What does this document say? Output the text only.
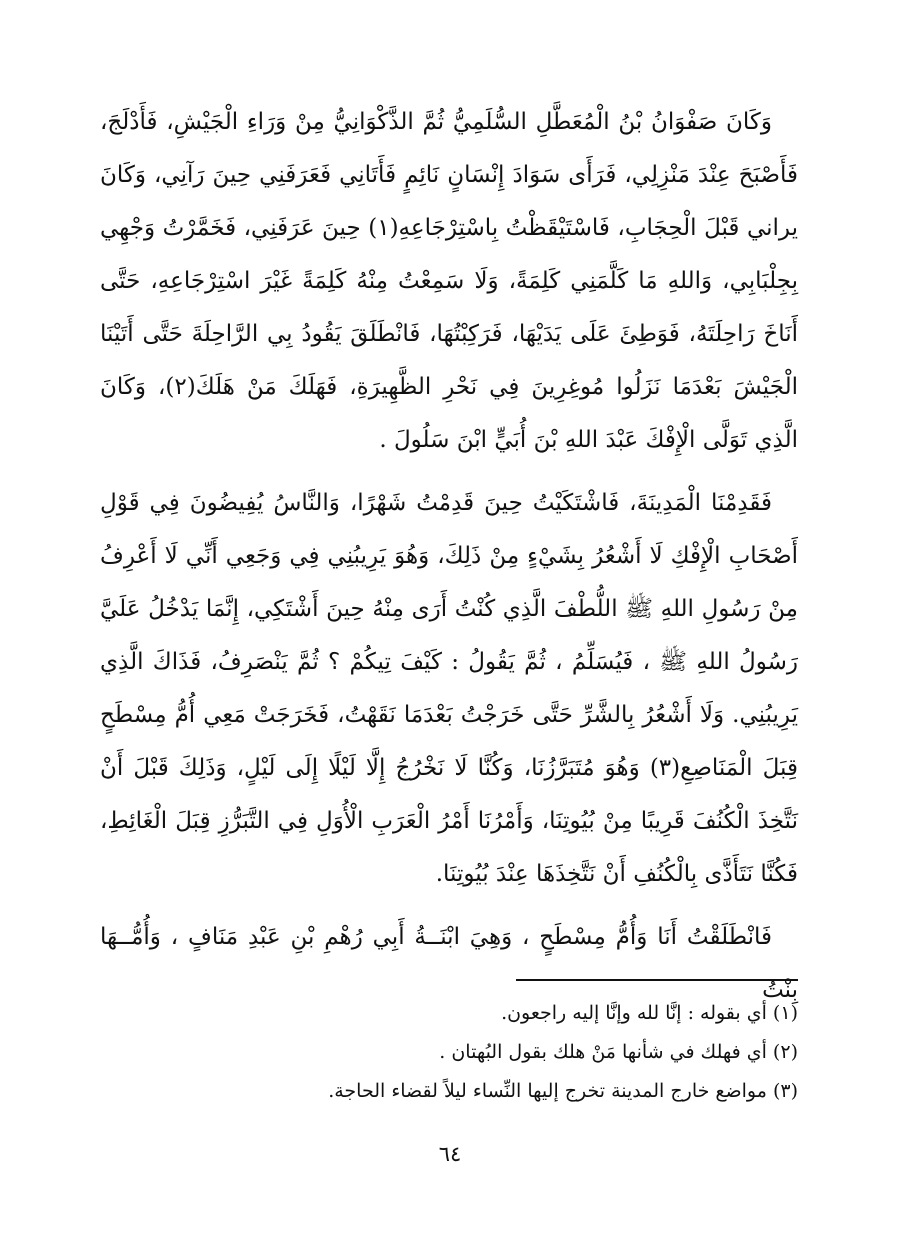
وَكَانَ صَفْوَانُ بْنُ الْمُعَطَّلِ السُّلَمِيُّ ثُمَّ الذَّكْوَانِيُّ مِنْ وَرَاءِ الْجَيْشِ، فَأَدْلَجَ، فَأَصْبَحَ عِنْدَ مَنْزِلِي، فَرَأَى سَوَادَ إِنْسَانٍ نَائِمٍ فَأَتَانِي فَعَرَفَنِي حِينَ رَآنِي، وَكَانَ يراني قَبْلَ الْحِجَابِ، فَاسْتَيْقَظْتُ بِاسْتِرْجَاعِهِ(١) حِينَ عَرَفَنِي، فَخَمَّرْتُ وَجْهِي بِجِلْبَابِي، وَاللهِ مَا كَلَّمَنِي كَلِمَةً، وَلَا سَمِعْتُ مِنْهُ كَلِمَةً غَيْرَ اسْتِرْجَاعِهِ، حَتَّى أَنَاخَ رَاحِلَتَهُ، فَوَطِئَ عَلَى يَدَيْهَا، فَرَكِبْتُهَا، فَانْطَلَقَ يَقُودُ بِي الرَّاحِلَةَ حَتَّى أَتَيْنَا الْجَيْشَ بَعْدَمَا نَزَلُوا مُوغِرِينَ فِي نَحْرِ الظَّهِيرَةِ، فَهَلَكَ مَنْ هَلَكَ(٢)، وَكَانَ الَّذِي تَوَلَّى الْإِفْكَ عَبْدَ اللهِ بْنَ أُبَيٍّ ابْنَ سَلُولَ .

فَقَدِمْنَا الْمَدِينَةَ، فَاشْتَكَيْتُ حِينَ قَدِمْتُ شَهْرًا، وَالنَّاسُ يُفِيضُونَ فِي قَوْلِ أَصْحَابِ الْإِفْكِ لَا أَشْعُرُ بِشَيْءٍ مِنْ ذَلِكَ، وَهُوَ يَرِيبُنِي فِي وَجَعِي أَنِّي لَا أَعْرِفُ مِنْ رَسُولِ اللهِ ﷺ اللُّطْفَ الَّذِي كُنْتُ أَرَى مِنْهُ حِينَ أَشْتَكِي، إِنَّمَا يَدْخُلُ عَلَيَّ رَسُولُ اللهِ ﷺ ، فَيُسَلِّمُ ، ثُمَّ يَقُولُ : كَيْفَ تِيكُمْ ؟ ثُمَّ يَنْصَرِفُ، فَذَاكَ الَّذِي يَرِيبُنِي. وَلَا أَشْعُرُ بِالشَّرِّ حَتَّى خَرَجْتُ بَعْدَمَا نَقَهْتُ، فَخَرَجَتْ مَعِي أُمُّ مِسْطَحٍ قِبَلَ الْمَنَاصِعِ(٣) وَهُوَ مُتَبَرَّزُنَا، وَكُنَّا لَا نَخْرُجُ إِلَّا لَيْلًا إِلَى لَيْلٍ، وَذَلِكَ قَبْلَ أَنْ نَتَّخِذَ الْكُنُفَ قَرِيبًا مِنْ بُيُوتِنَا، وَأَمْرُنَا أَمْرُ الْعَرَبِ الْأُوَلِ فِي التَّبَرُّزِ قِبَلَ الْغَائِطِ، فَكُنَّا نَتَأَذَّى بِالْكُنُفِ أَنْ نَتَّخِذَهَا عِنْدَ بُيُوتِنَا.

فَانْطَلَقْتُ أَنَا وَأُمُّ مِسْطَحٍ ، وَهِيَ ابْنَــةُ أَبِي رُهْمِ بْنِ عَبْدِ مَنَافٍ ، وَأُمُّــهَا بِنْتُ

(١) أي بقوله : إنَّا لله وإنَّا إليه راجعون.

(٢) أي فهلك في شأنها مَنْ هلك بقول البُهتان .

(٣) مواضع خارج المدينة تخرج إليها النِّساء ليلاً لقضاء الحاجة.

٦٤
